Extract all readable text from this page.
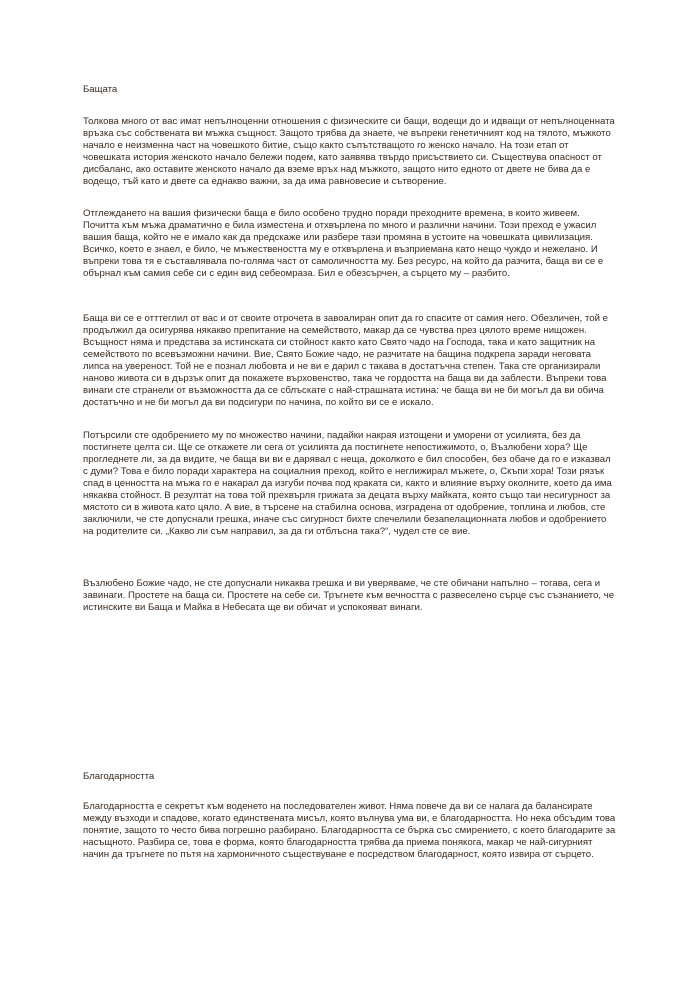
Бащата

Толкова много от вас имат непълноценни отношения с физическите си бащи, водещи до и идващи от непълноценната връзка със собствената ви мъжка същност. Защото трябва да знаете, че въпреки генетичният код на тялото, мъжкото начало е неизменна част на човешкото битие, също както съпътстващото го женско начало. На този етап от човешката история женското начало бележи подем, като заявява твърдо присъствието си. Съществува опасност от дисбаланс, ако оставите женското начало да вземе връх над мъжкото, защото нито едното от двете не бива да е водещо, тъй като и двете са еднакво важни, за да има равновесие и сътворение.

Отглеждането на вашия физически баща е било особено трудно поради преходните времена, в които живеем. Почитта към мъжа драматично е била изместена и отхвърлена по много и различни начини. Този преход е ужасил вашия баща, който не е имало как да предскаже или разбере тази промяна в устоите на човешката цивилизация. Всичко, което е знаел, е било, че мъжествеността му е отхвърлена и възприемана като нещо чуждо и нежелано. И въпреки това тя е съставлявала по-голяма част от самоличността му. Без ресурс, на който да разчита, баща ви се е обърнал към самия себе си с един вид себеомраза. Бил е обезсърчен, а сърцето му – разбито.

Баща ви се е отттеглил от вас и от своите отрочета в завоалиран опит да го спасите от самия него. Обезличен, той е продължил да осигурява някакво препитание на семейството, макар да се чувства през цялото време нищожен. Всъщност няма и представа за истинската си стойност както като Свято чадо на Господа, така и като защитник на семейството по всевъзможни начини. Вие, Свято Божие чадо, не разчитате на бащина подкрепа заради неговата липса на увереност. Той не е познал любовта и не ви е дарил с такава в достатъчна степен. Така сте организирали наново живота си в дързък опит да покажете върховенство, така че гордостта на баща ви да заблести. Въпреки това винаги сте странели от възможността да се сблъскате с най-страшната истина: че баща ви не би могъл да ви обича достатъчно и не би могъл да ви подсигури по начина, по който ви се е искало.

Потърсили сте одобрението му по множество начини, падайки накрая изтощени и уморени от усилията, без да постигнете целта си. Ще се откажете ли сега от усилията да постигнете непостижимото, о, Възлюбени хора? Ще прогледнете ли, за да видите, че баща ви ви е дарявал с неща, доколкото е бил способен, без обаче да го е изказвал с думи? Това е било поради характера на социалния преход, който е неглижирал мъжете, о, Скъпи хора! Този рязък спад в ценността на мъжа го е накарал да изгуби почва под краката си, както и влияние върху околните, което да има някаква стойност. В резултат на това той прехвърля грижата за децата върху майката, която също таи несигурност за мястото си в живота като цяло. А вие, в търсене на стабилна основа, изградена от одобрение, топлина и любов, сте заключили, че сте допуснали грешка, иначе със сигурност бихте спечелили безапелационната любов и одобрението на родителите си. „Какво ли съм направил, за да ги отблъсна така?“, чудел сте се вие.

Възлюбено Божие чадо, не сте допуснали никаква грешка и ви уверяваме, че сте обичани напълно – тогава, сега и завинаги. Простете на баща си. Простете на себе си. Тръгнете към вечността с развеселено сърце със съзнанието, че истинските ви Баща и Майка в Небесата ще ви обичат и успокояват винаги.

Благодарността

Благодарността е секретът към воденето на последователен живот. Няма повече да ви се налага да балансирате между възходи и спадове, когато единствената мисъл, която вълнува ума ви, е благодарността. Но нека обсъдим това понятие, защото то често бива погрешно разбирано. Благодарността се бърка със смирението, с което благодарите за насъщното. Разбира се, това е форма, която благодарността трябва да приема понякога, макар че най-сигурният начин да тръгнете по пътя на хармоничното съществуване е посредством благодарност, която извира от сърцето.
